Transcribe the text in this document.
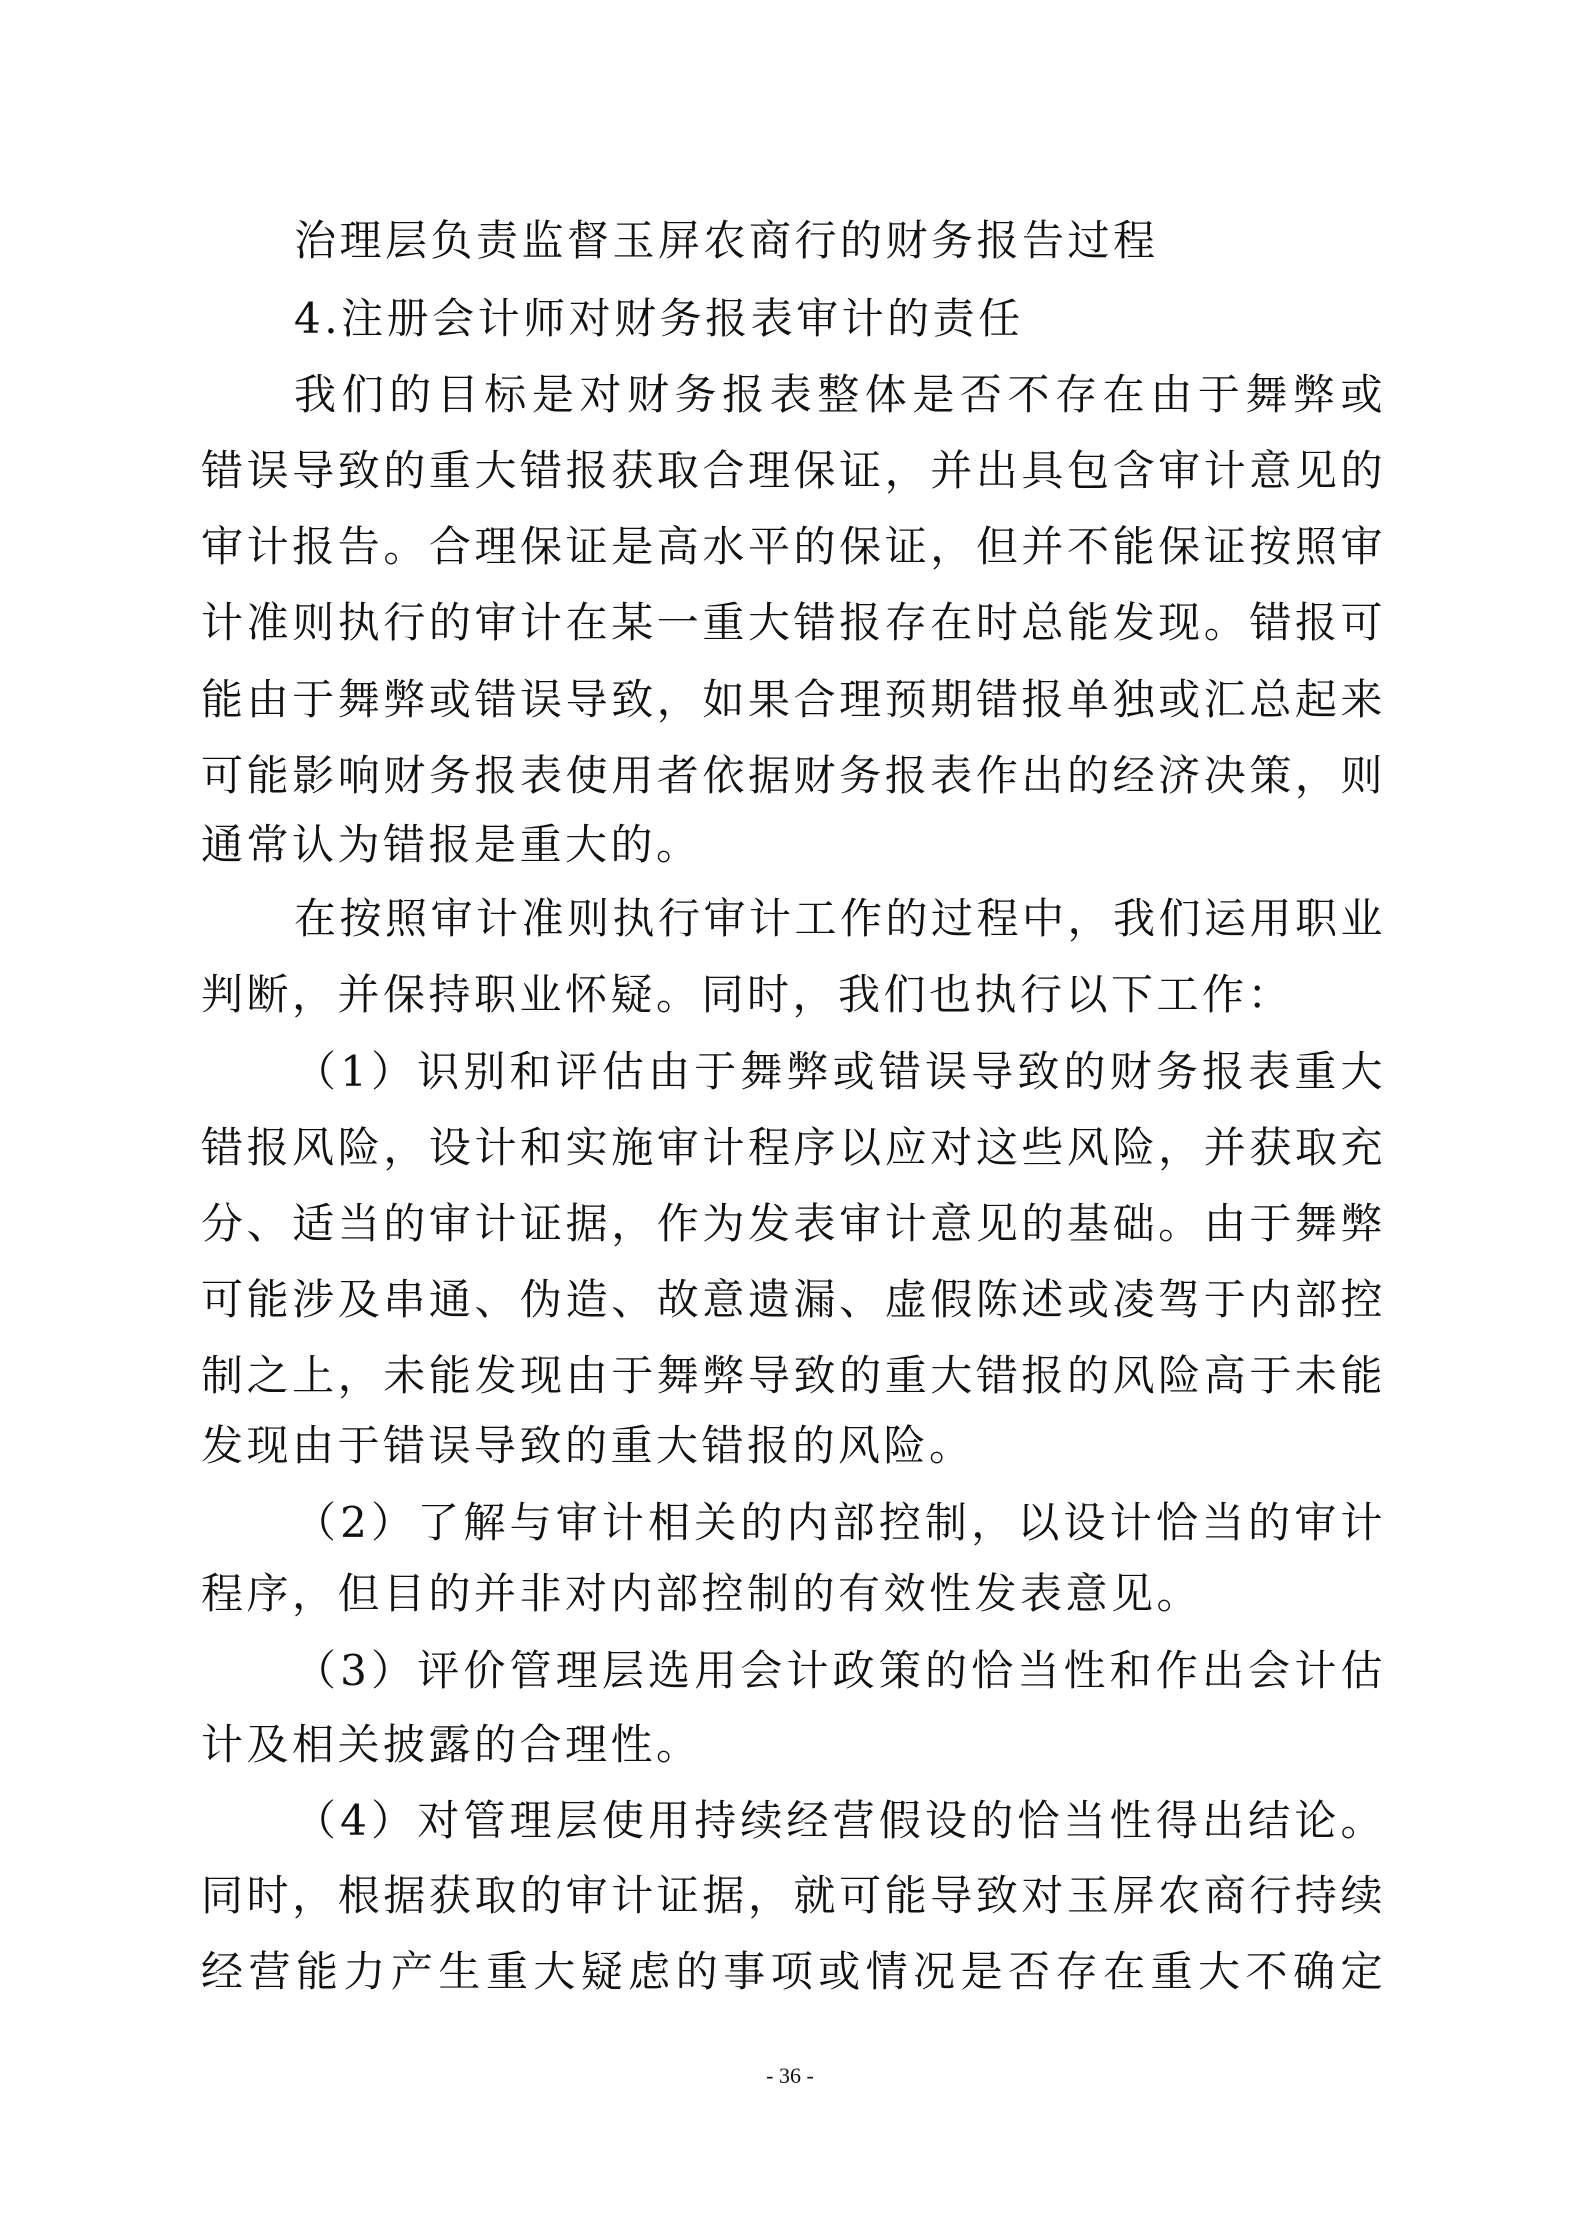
治理层负责监督玉屏农商行的财务报告过程
4.注册会计师对财务报表审计的责任
我们的目标是对财务报表整体是否不存在由于舞弊或
错误导致的重大错报获取合理保证，并出具包含审计意见的
审计报告。合理保证是高水平的保证，但并不能保证按照审
计准则执行的审计在某一重大错报存在时总能发现。错报可
能由于舞弊或错误导致，如果合理预期错报单独或汇总起来
可能影响财务报表使用者依据财务报表作出的经济决策，则
通常认为错报是重大的。
在按照审计准则执行审计工作的过程中，我们运用职业
判断，并保持职业怀疑。同时，我们也执行以下工作：
（1）识别和评估由于舞弊或错误导致的财务报表重大
错报风险，设计和实施审计程序以应对这些风险，并获取充
分、适当的审计证据，作为发表审计意见的基础。由于舞弊
可能涉及串通、伪造、故意遗漏、虚假陈述或凌驾于内部控
制之上，未能发现由于舞弊导致的重大错报的风险高于未能
发现由于错误导致的重大错报的风险。
（2）了解与审计相关的内部控制，以设计恰当的审计
程序，但目的并非对内部控制的有效性发表意见。
（3）评价管理层选用会计政策的恰当性和作出会计估
计及相关披露的合理性。
（4）对管理层使用持续经营假设的恰当性得出结论。
同时，根据获取的审计证据，就可能导致对玉屏农商行持续
经营能力产生重大疑虑的事项或情况是否存在重大不确定
- 36 -
